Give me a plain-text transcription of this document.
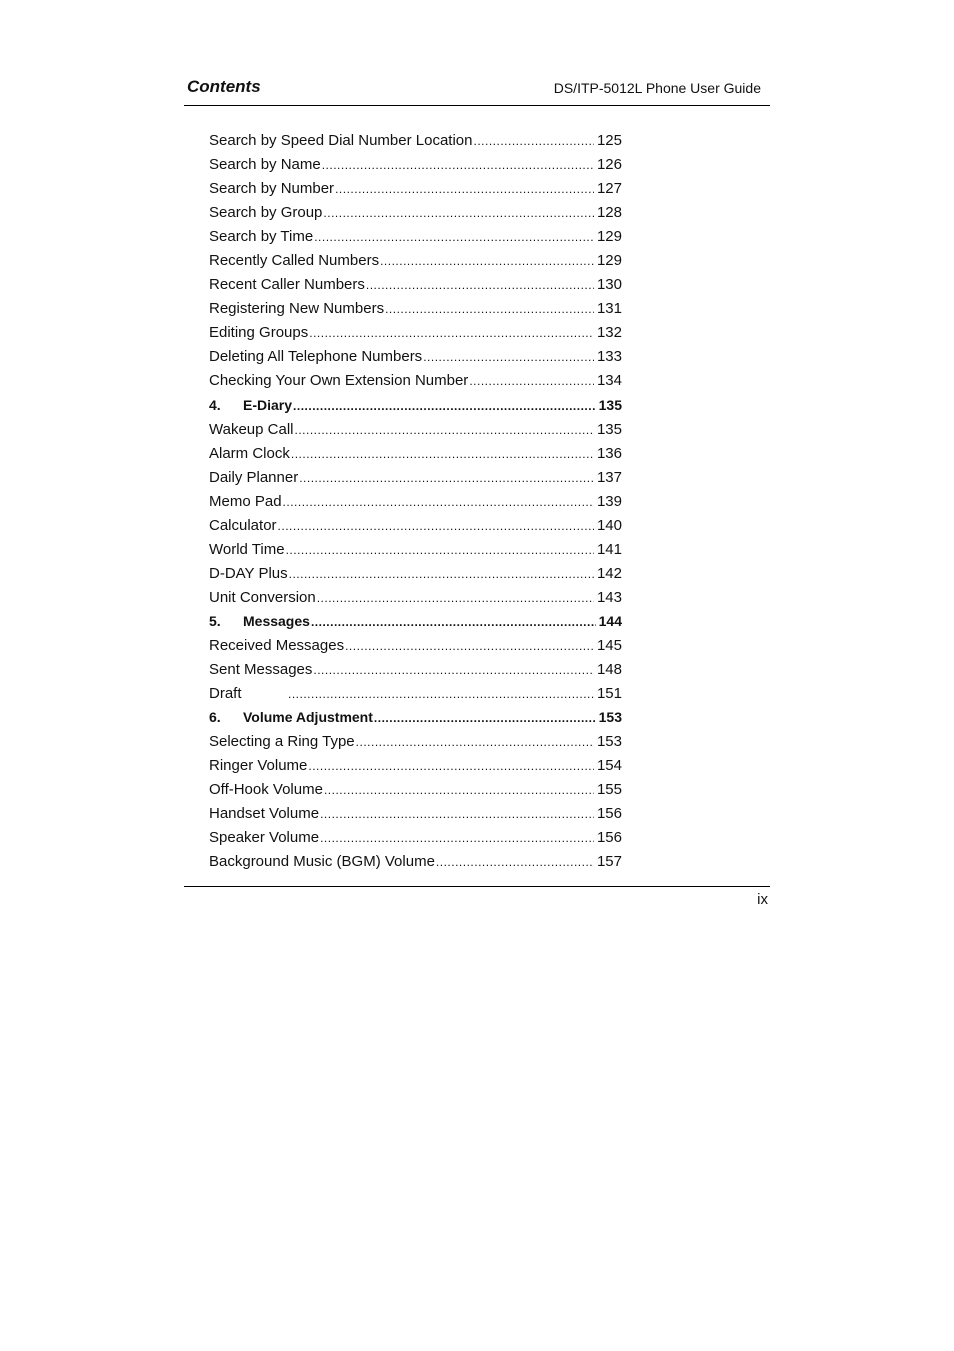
Contents	DS/ITP-5012L Phone User Guide
Search by Speed Dial Number Location .....	125
Search by Name .....	126
Search by Number .....	127
Search by Group .....	128
Search by Time .....	129
Recently Called Numbers .....	129
Recent Caller Numbers .....	130
Registering New Numbers .....	131
Editing Groups .....	132
Deleting All Telephone Numbers .....	133
Checking Your Own Extension Number .....	134
4.	E-Diary .....	135
Wakeup Call .....	135
Alarm Clock .....	136
Daily Planner .....	137
Memo Pad .....	139
Calculator .....	140
World Time .....	141
D-DAY Plus .....	142
Unit Conversion .....	143
5.	Messages .....	144
Received Messages .....	145
Sent Messages .....	148
Draft .....	151
6.	Volume Adjustment .....	153
Selecting a Ring Type .....	153
Ringer Volume .....	154
Off-Hook Volume .....	155
Handset Volume .....	156
Speaker Volume .....	156
Background Music (BGM) Volume .....	157
ix
